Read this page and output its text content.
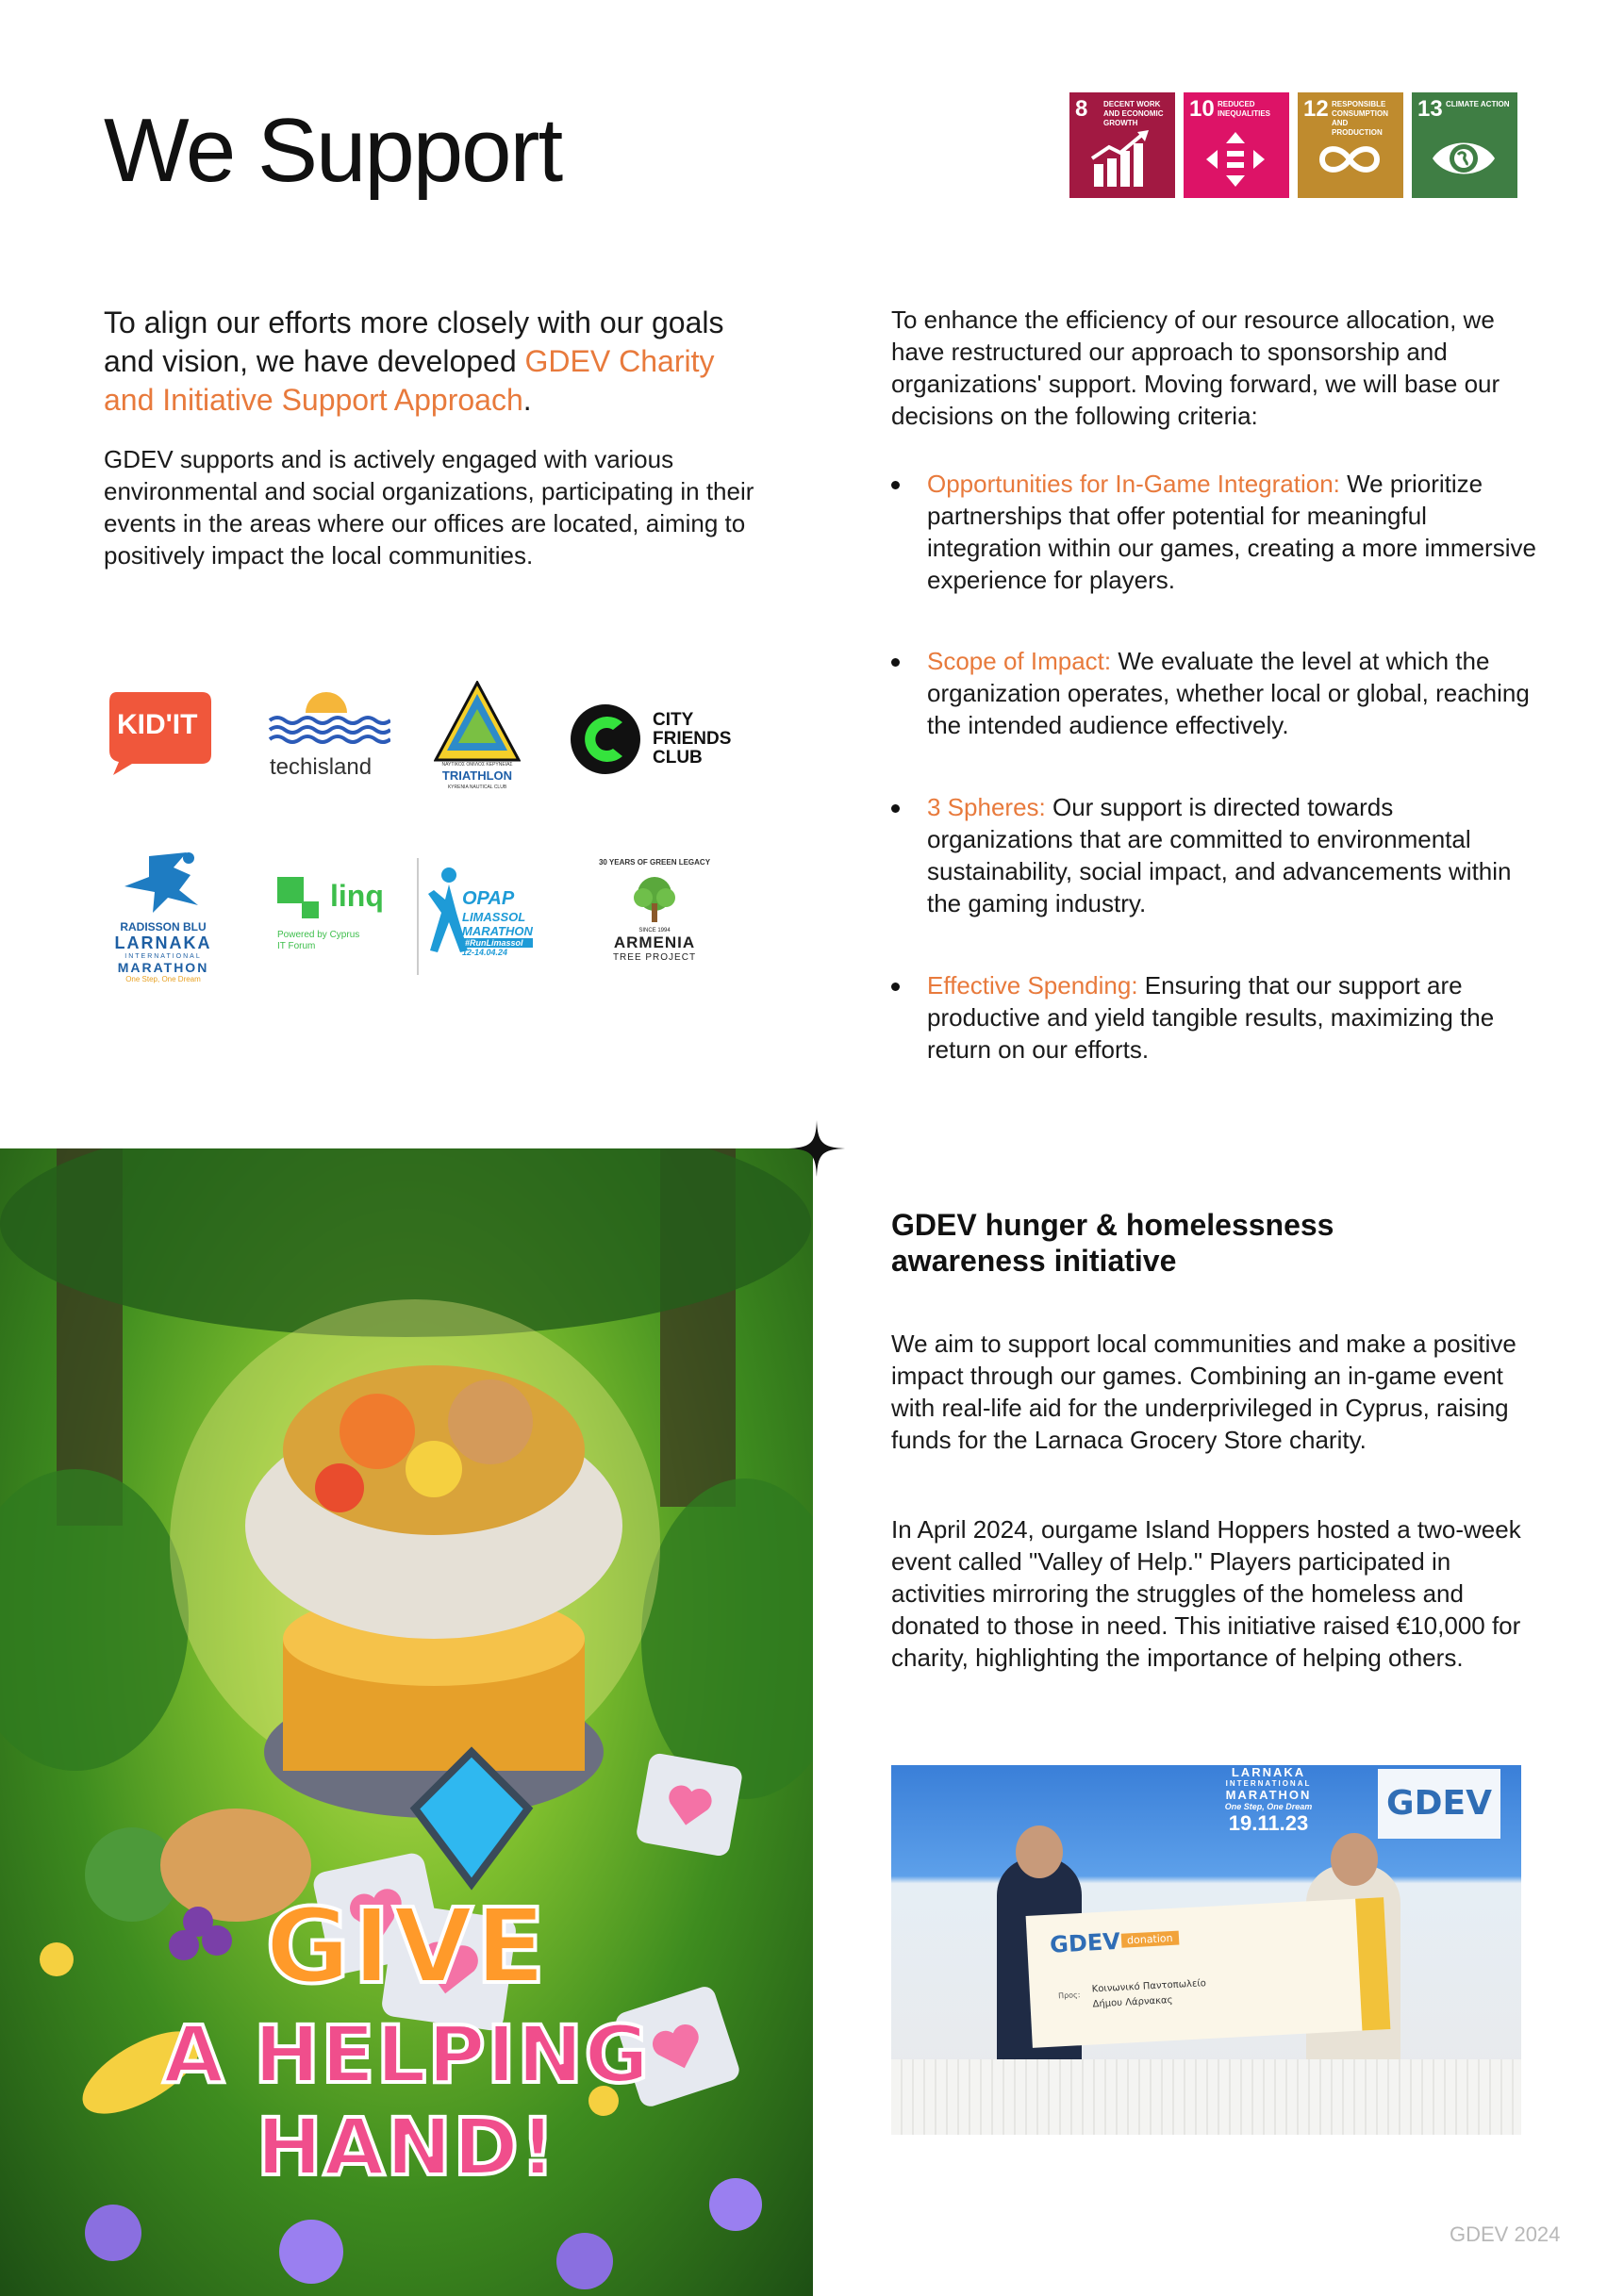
We Support	8 DECENT WORK AND ECONOMIC GROWTH
10 REDUCED INEQUALITIES	12 RESPONSIBLE CONSUMPTION AND PRODUCTION
13 CLIMATE ACTION

To align our efforts more closely with our goals and vision, we have developed GDEV Charity and Initiative Support Approach.

GDEV supports and is actively engaged with various environmental and social organizations, participating in their events in the areas where our offices are located, aiming to positively impact the local communities.

To enhance the efficiency of our resource allocation, we have restructured our approach to sponsorship and organizations' support. Moving forward, we will base our decisions on the following criteria:

Opportunities for In-Game Integration: We prioritize partnerships that offer potential for meaningful integration within our games, creating a more immersive experience for players.

Scope of Impact: We evaluate the level at which the organization operates, whether local or global, reaching the intended audience effectively.

3 Spheres: Our support is directed towards organizations that are committed to environmental sustainability, social impact, and advancements within the gaming industry.

Effective Spending: Ensuring that our support are productive and yield tangible results, maximizing the return on our efforts.

KID'IT
techisland	ΝΑΥΤΙΚΟΣ ΟΜΙΛΟΣ ΚΕΡΥΝΕΙΑΣ
TRIATHLON
KYRENIA NAUTICAL CLUB
CITY
FRIENDS
CLUB
RADISSON BLU
LARNAKA
INTERNATIONAL
MARATHON
One Step, One Dream
linq
Powered by Cyprus
IT Forum
OPAP
LIMASSOL
MARATHON
#RunLimassol
12-14.04.24
30 YEARS OF GREEN LEGACY
SINCE 1994
ARMENIA
TREE PROJECT
GIVE
A HELPING HAND!
GDEV hunger & homelessness awareness initiative

We aim to support local communities and make a positive impact through our games. Combining an in-game event with real-life aid for the underprivileged in Cyprus, raising funds for the Larnaca Grocery Store charity.

In April 2024, ourgame Island Hoppers hosted a two-week event called "Valley of Help." Players participated in activities mirroring the struggles of the homeless and donated to those in need. This initiative raised €10,000 for charity, highlighting the importance of helping others.

LARNAKA
INTERNATIONAL
MARATHON
One Step, One Dream
19.11.23
GDEV
GDEV donation
Προς:
Κοινωνικό Παντοπωλείο
Δήμου Λάρνακας
GDEV 2024
